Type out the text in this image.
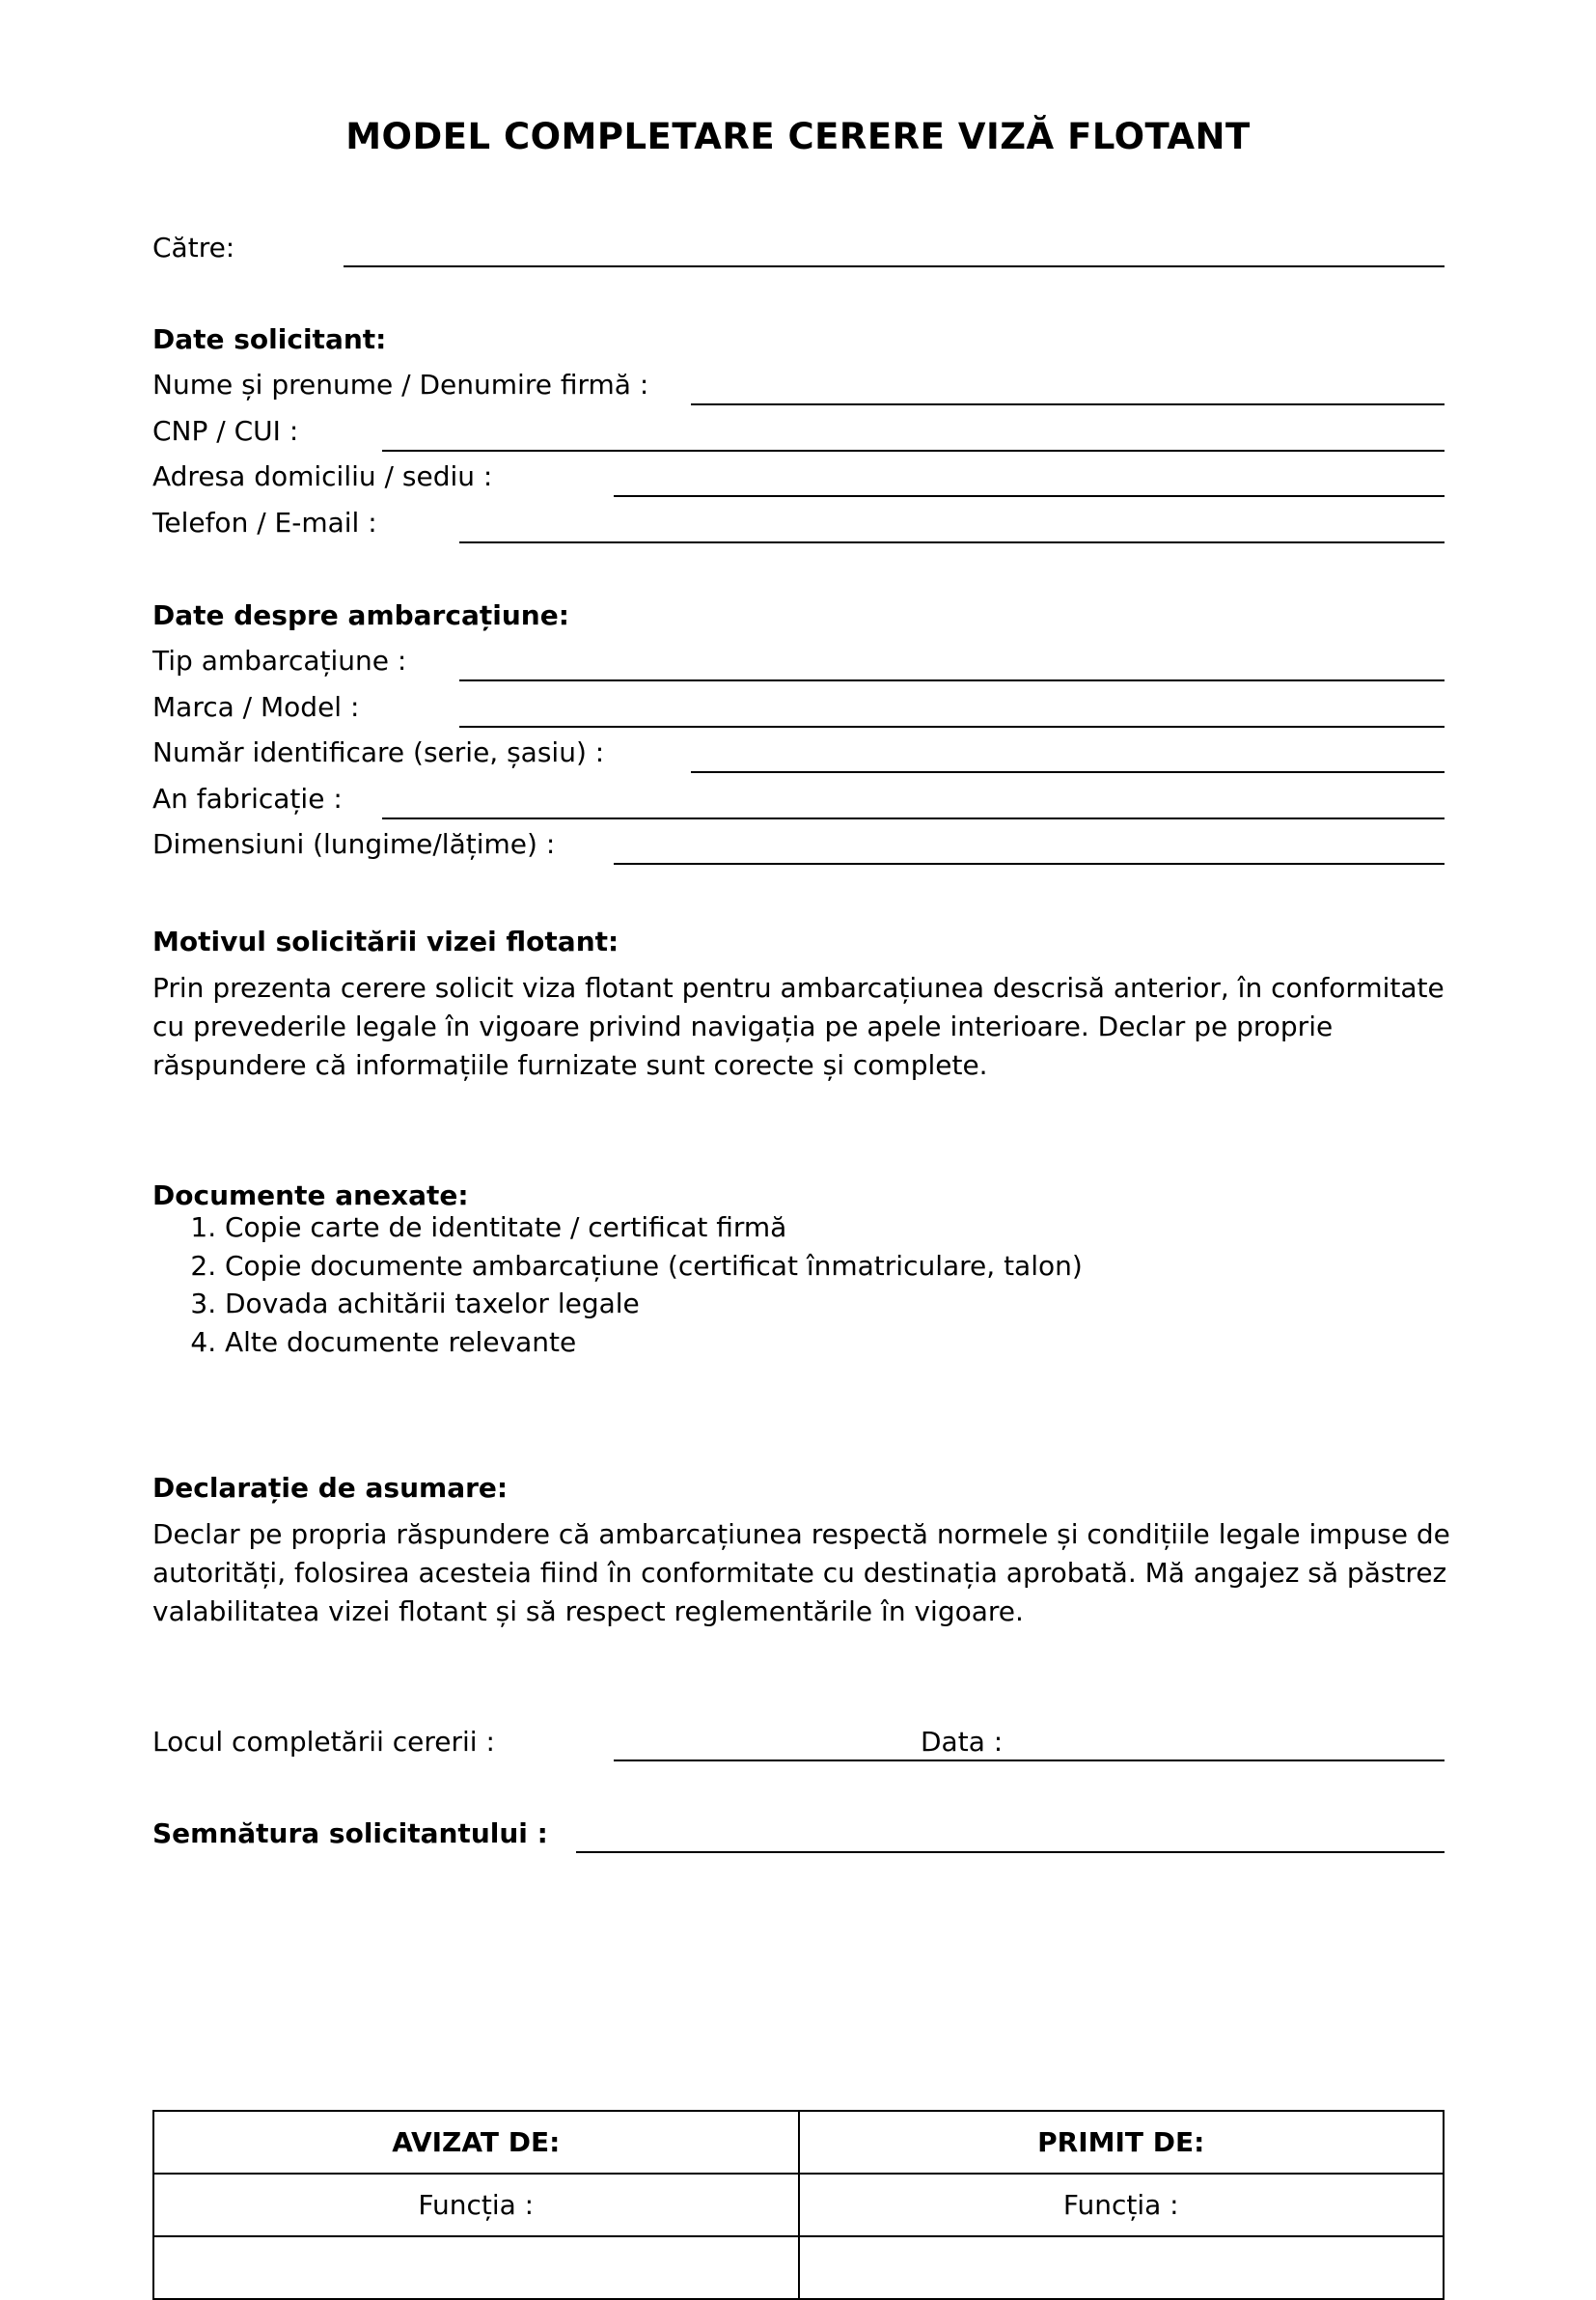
MODEL COMPLETARE CERERE VIZĂ FLOTANT
Către:
Date solicitant:
Nume și prenume / Denumire firmă :
CNP / CUI :
Adresa domiciliu / sediu :
Telefon / E-mail :
Date despre ambarcațiune:
Tip ambarcațiune :
Marca / Model :
Număr identificare (serie, șasiu) :
An fabricație :
Dimensiuni (lungime/lățime) :
Motivul solicitării vizei flotant:
Prin prezenta cerere solicit viza flotant pentru ambarcațiunea descrisă anterior, în conformitate cu prevederile legale în vigoare privind navigația pe apele interioare. Declar pe proprie răspundere că informațiile furnizate sunt corecte și complete.
Documente anexate:
1. Copie carte de identitate / certificat firmă
2. Copie documente ambarcațiune (certificat înmatriculare, talon)
3. Dovada achitării taxelor legale
4. Alte documente relevante
Declarație de asumare:
Declar pe propria răspundere că ambarcațiunea respectă normele și condițiile legale impuse de autorități, folosirea acesteia fiind în conformitate cu destinația aprobată. Mă angajez să păstrez valabilitatea vizei flotant și să respect reglementările în vigoare.
Locul completării cererii :	Data :
Semnătura solicitantului :
AVIZAT DE:	PRIMIT DE:
Funcția :	Funcția :
